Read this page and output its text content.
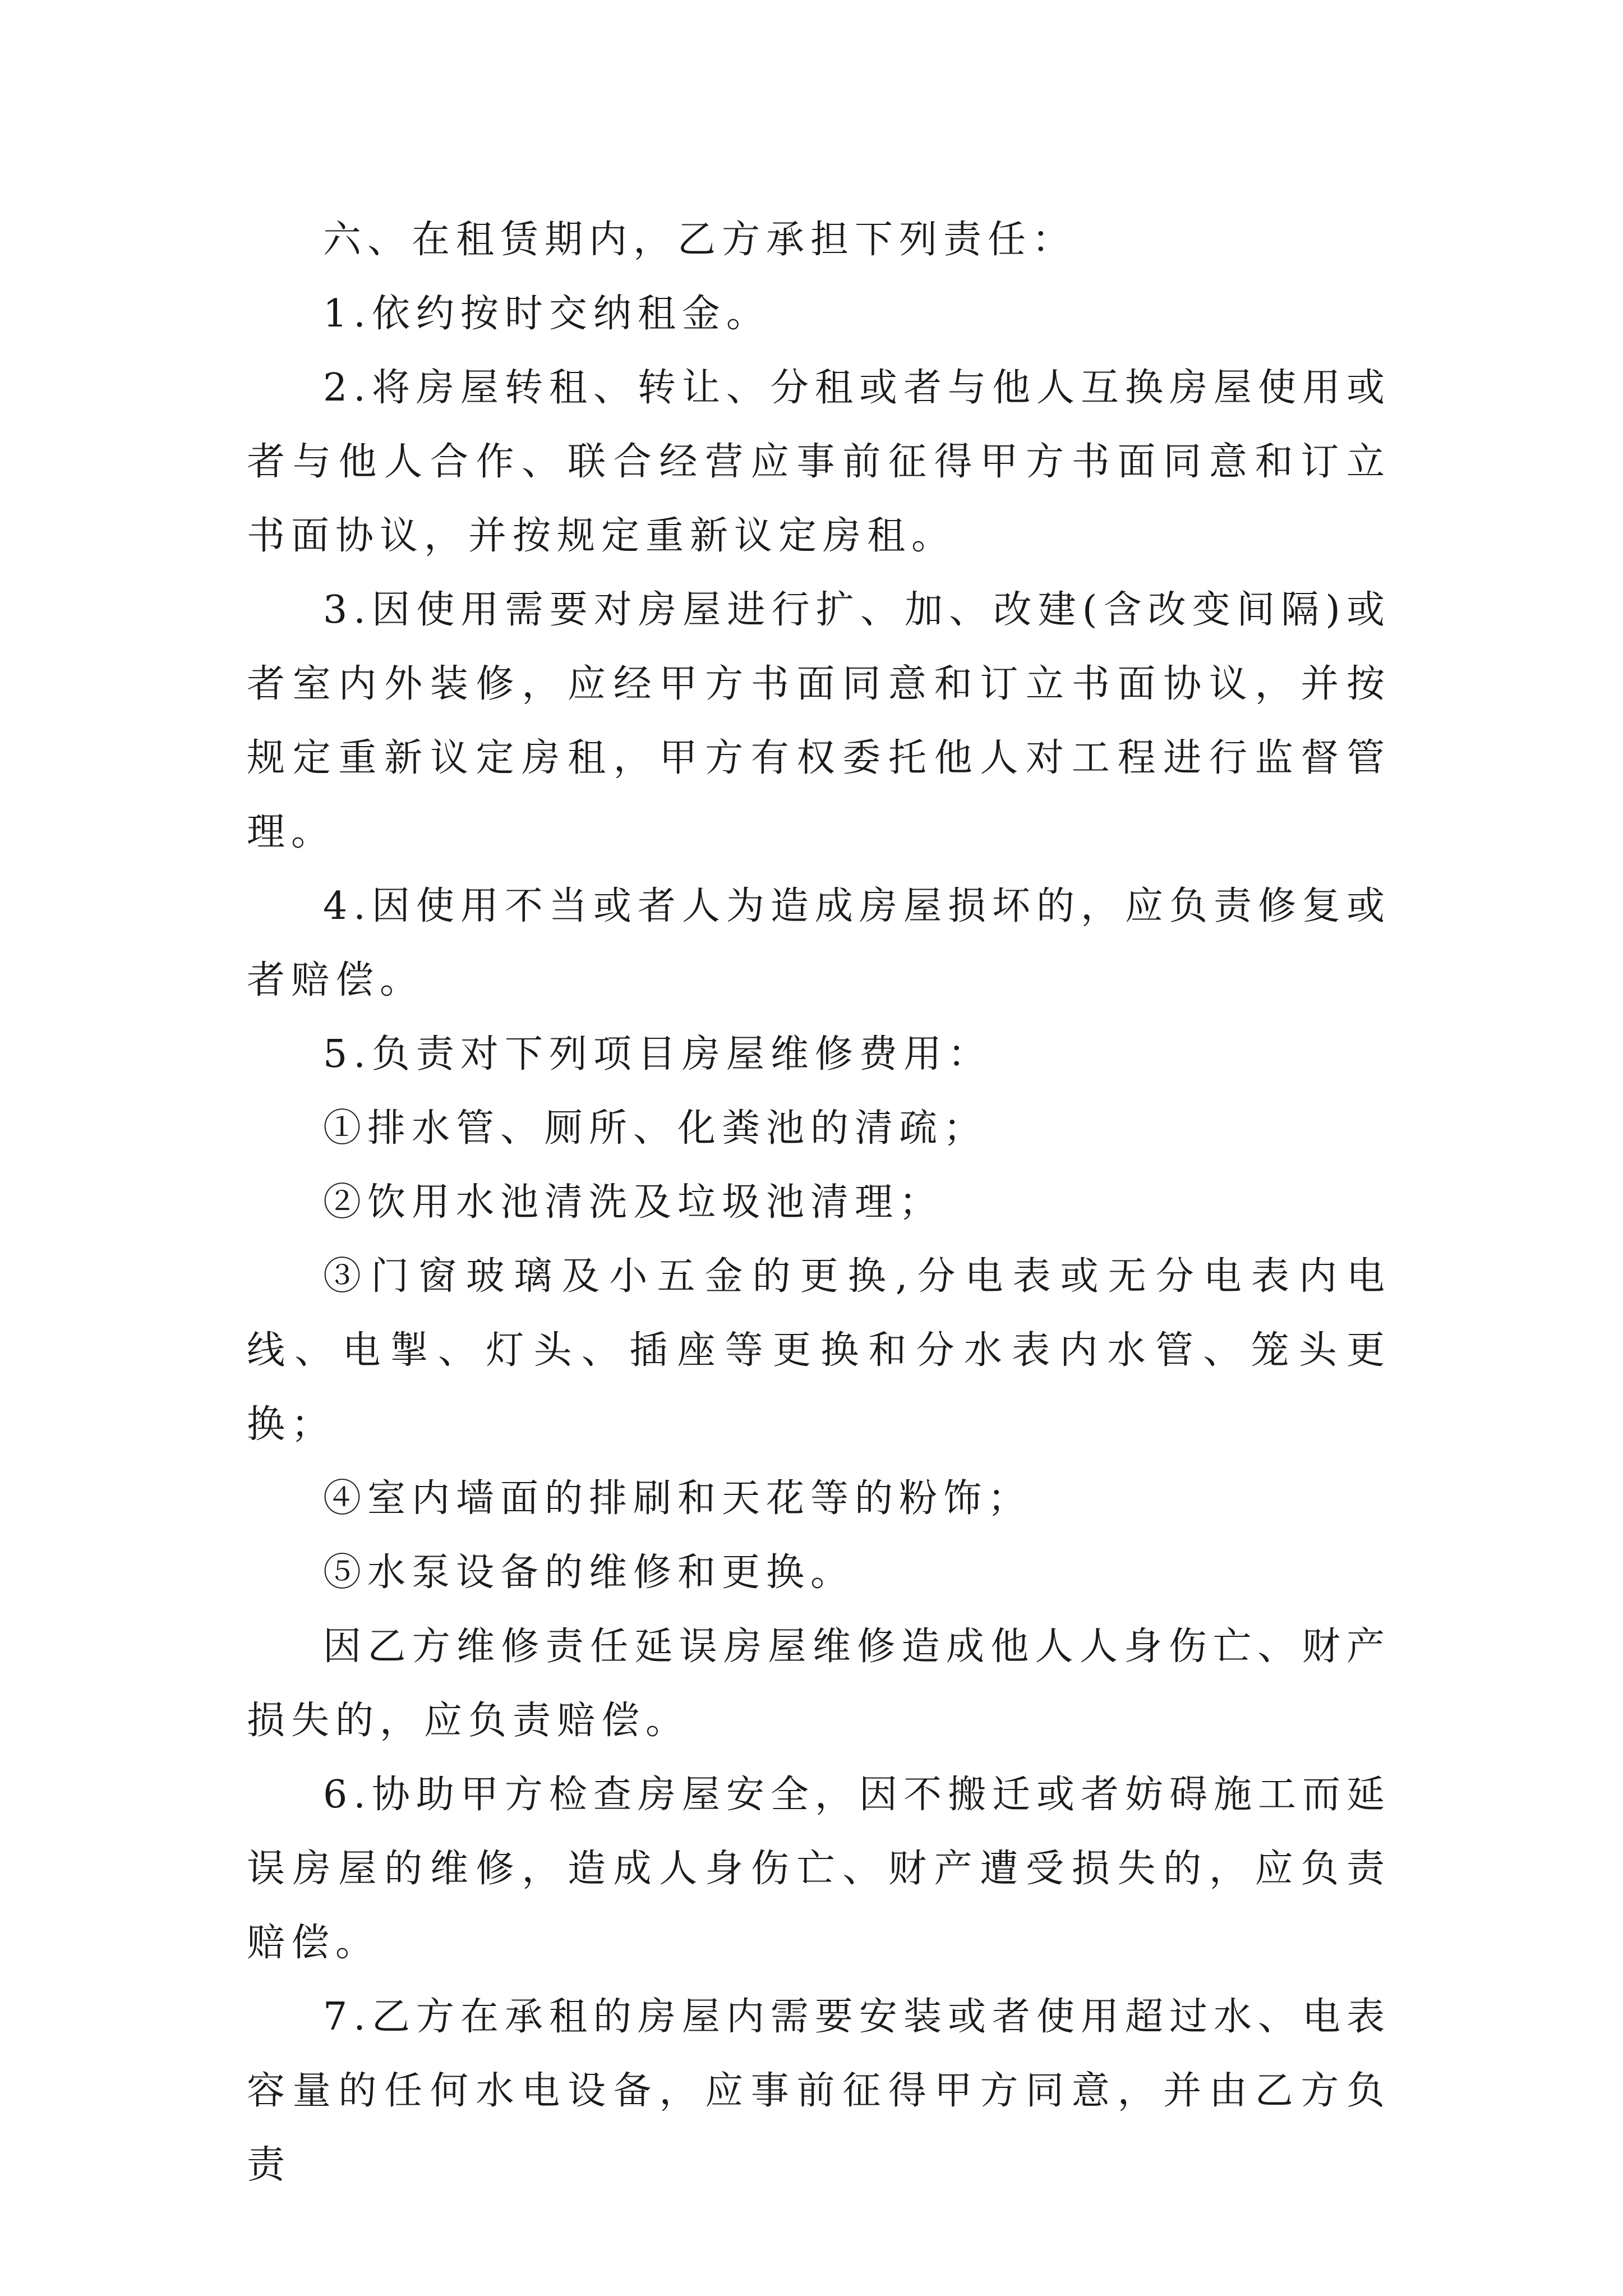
六、在租赁期内，乙方承担下列责任：

1.依约按时交纳租金。

2.将房屋转租、转让、分租或者与他人互换房屋使用或者与他人合作、联合经营应事前征得甲方书面同意和订立书面协议，并按规定重新议定房租。

3.因使用需要对房屋进行扩、加、改建(含改变间隔)或者室内外装修，应经甲方书面同意和订立书面协议，并按规定重新议定房租，甲方有权委托他人对工程进行监督管理。

4.因使用不当或者人为造成房屋损坏的，应负责修复或者赔偿。

5.负责对下列项目房屋维修费用：

①排水管、厕所、化粪池的清疏；

②饮用水池清洗及垃圾池清理；

③门窗玻璃及小五金的更换,分电表或无分电表内电线、电掣、灯头、插座等更换和分水表内水管、笼头更换；

④室内墙面的排刷和天花等的粉饰；

⑤水泵设备的维修和更换。

因乙方维修责任延误房屋维修造成他人人身伤亡、财产损失的，应负责赔偿。

6.协助甲方检查房屋安全，因不搬迁或者妨碍施工而延误房屋的维修，造成人身伤亡、财产遭受损失的，应负责赔偿。

7.乙方在承租的房屋内需要安装或者使用超过水、电表容量的任何水电设备，应事前征得甲方同意，并由乙方负责
